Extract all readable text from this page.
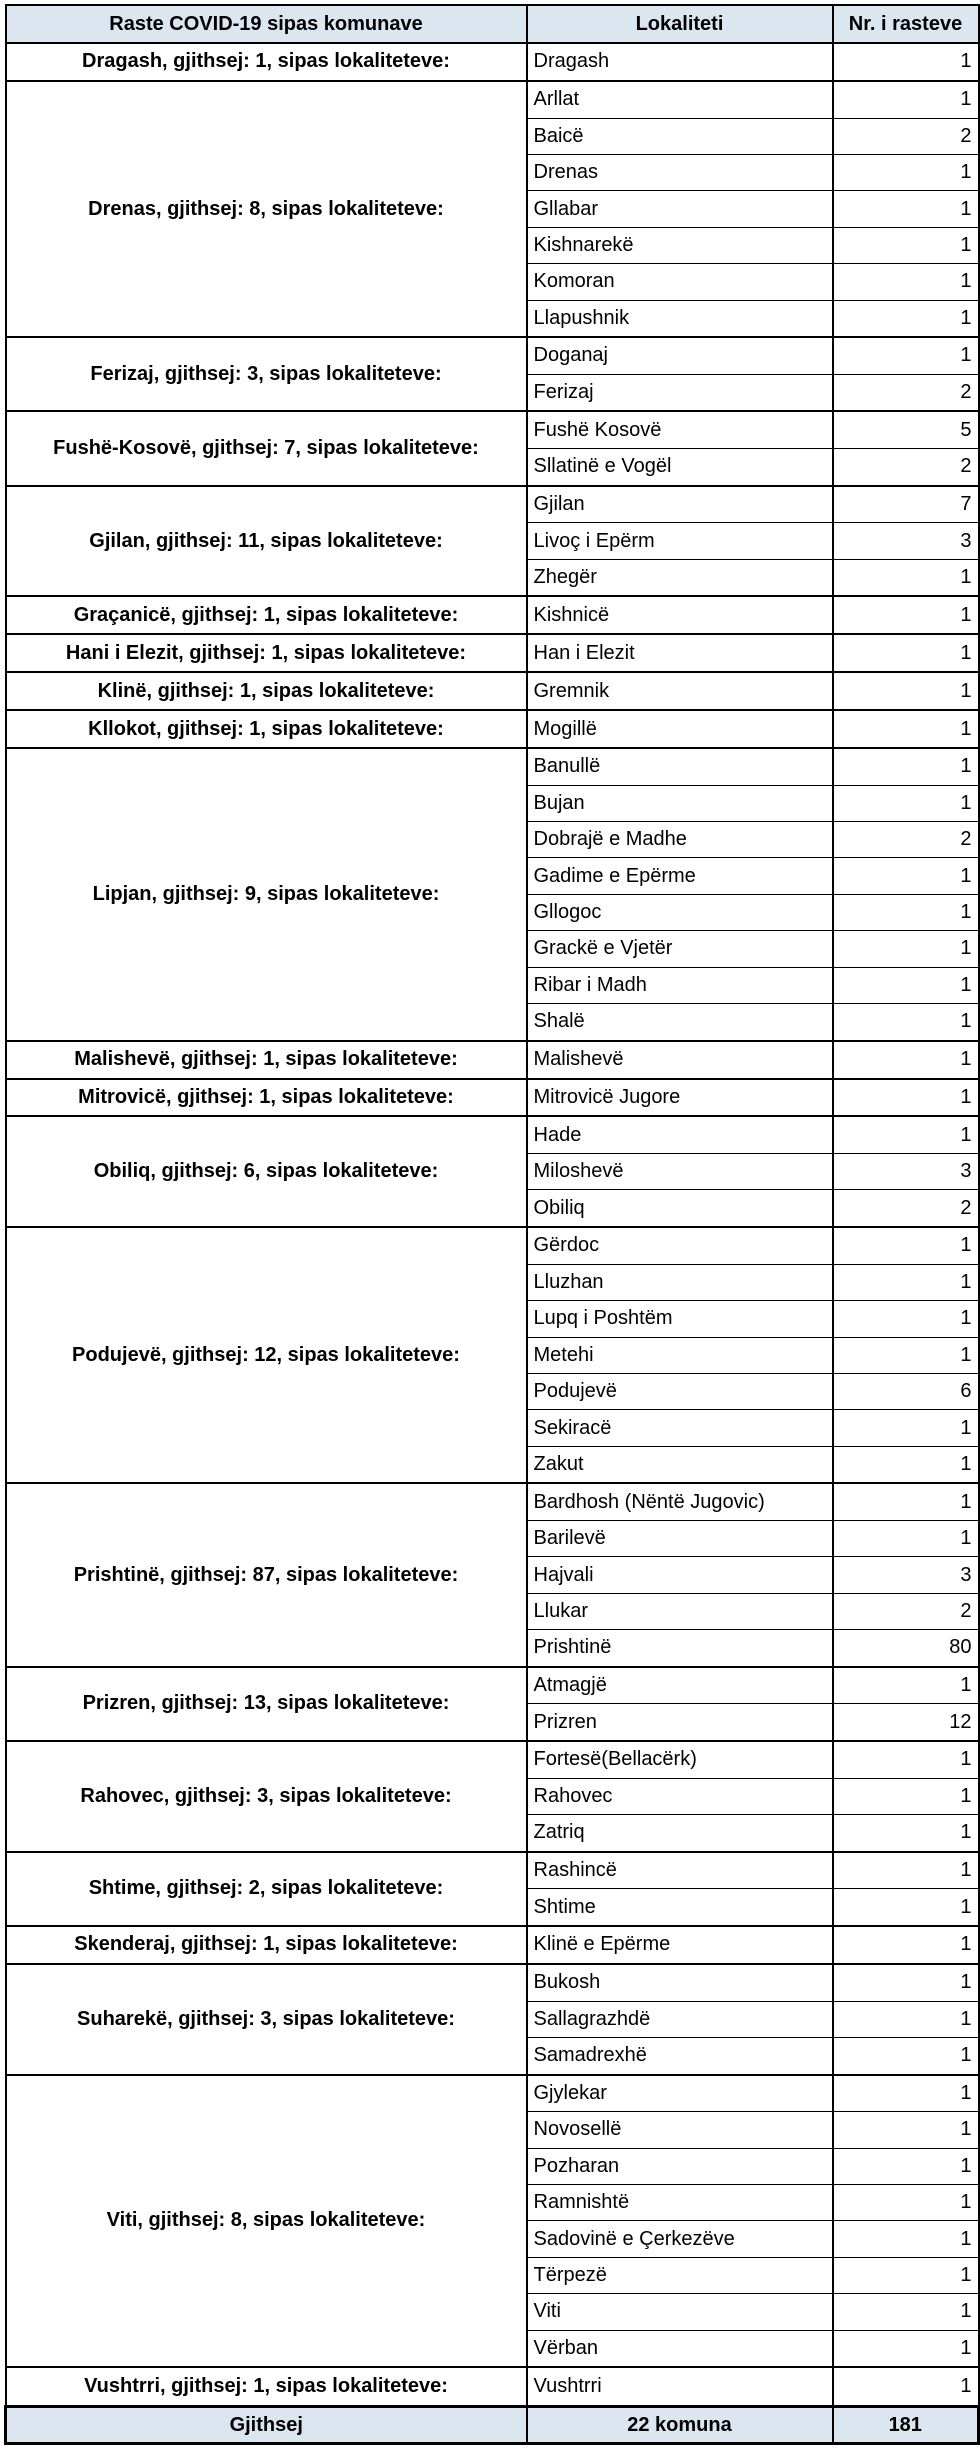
Raste COVID-19 sipas komunave	Lokaliteti	Nr. i rasteve
Dragash, gjithsej: 1, sipas lokaliteteve:	Dragash	1
Drenas, gjithsej: 8, sipas lokaliteteve:	Arllat	1
	Baicë	2
	Drenas	1
	Gllabar	1
	Kishnarekë	1
	Komoran	1
	Llapushnik	1
Ferizaj, gjithsej: 3, sipas lokaliteteve:	Doganaj	1
	Ferizaj	2
Fushë-Kosovë, gjithsej: 7, sipas lokaliteteve:	Fushë Kosovë	5
	Sllatinë e Vogël	2
Gjilan, gjithsej: 11, sipas lokaliteteve:	Gjilan	7
	Livoç i Epërm	3
	Zhegër	1
Graçanicë, gjithsej: 1, sipas lokaliteteve:	Kishnicë	1
Hani i Elezit, gjithsej: 1, sipas lokaliteteve:	Han i Elezit	1
Klinë, gjithsej: 1, sipas lokaliteteve:	Gremnik	1
Kllokot, gjithsej: 1, sipas lokaliteteve:	Mogillë	1
Lipjan, gjithsej: 9, sipas lokaliteteve:	Banullë	1
	Bujan	1
	Dobrajë e Madhe	2
	Gadime e Epërme	1
	Gllogoc	1
	Grackë e Vjetër	1
	Ribar i Madh	1
	Shalë	1
Malishevë, gjithsej: 1, sipas lokaliteteve:	Malishevë	1
Mitrovicë, gjithsej: 1, sipas lokaliteteve:	Mitrovicë Jugore	1
Obiliq, gjithsej: 6, sipas lokaliteteve:	Hade	1
	Miloshevë	3
	Obiliq	2
Podujevë, gjithsej: 12, sipas lokaliteteve:	Gërdoc	1
	Lluzhan	1
	Lupq i Poshtëm	1
	Metehi	1
	Podujevë	6
	Sekiracë	1
	Zakut	1
Prishtinë, gjithsej: 87, sipas lokaliteteve:	Bardhosh (Nëntë Jugovic)	1
	Barilevë	1
	Hajvali	3
	Llukar	2
	Prishtinë	80
Prizren, gjithsej: 13, sipas lokaliteteve:	Atmagjë	1
	Prizren	12
Rahovec, gjithsej: 3, sipas lokaliteteve:	Fortesë(Bellacërk)	1
	Rahovec	1
	Zatriq	1
Shtime, gjithsej: 2, sipas lokaliteteve:	Rashincë	1
	Shtime	1
Skenderaj, gjithsej: 1, sipas lokaliteteve:	Klinë e Epërme	1
Suharekë, gjithsej: 3, sipas lokaliteteve:	Bukosh	1
	Sallagrazhdë	1
	Samadrexhë	1
Viti, gjithsej: 8, sipas lokaliteteve:	Gjylekar	1
	Novosellë	1
	Pozharan	1
	Ramnishtë	1
	Sadovinë e Çerkezëve	1
	Tërpezë	1
	Viti	1
	Vërban	1
Vushtrri, gjithsej: 1, sipas lokaliteteve:	Vushtrri	1
Gjithsej	22 komuna	181
